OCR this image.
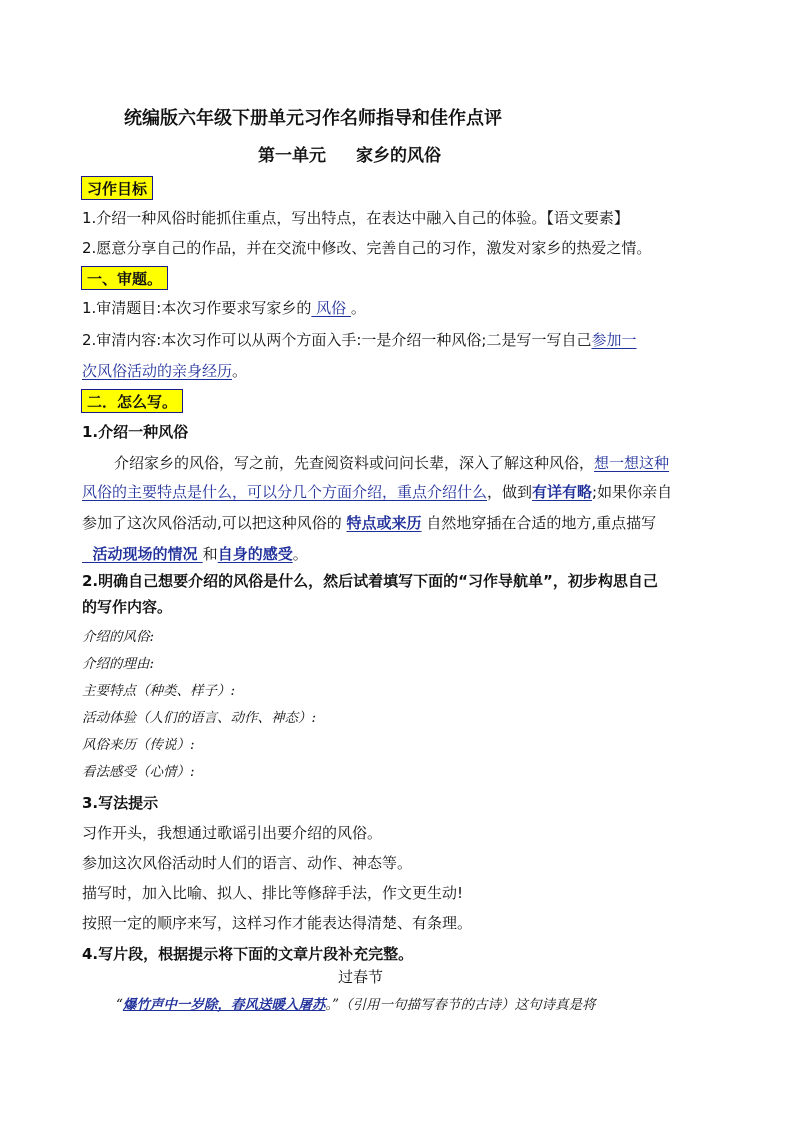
统编版六年级下册单元习作名师指导和佳作点评
第一单元 家乡的风俗
习作目标
1.介绍一种风俗时能抓住重点，写出特点，在表达中融入自己的体验。【语文要素】
2.愿意分享自己的作品，并在交流中修改、完善自己的习作，激发对家乡的热爱之情。
一、审题。
1.审清题目:本次习作要求写家乡的 风俗 。
2.审清内容:本次习作可以从两个方面入手:一是介绍一种风俗;二是写一写自己参加一
次风俗活动的亲身经历。
二．怎么写。
1.介绍一种风俗
介绍家乡的风俗，写之前，先查阅资料或问问长辈，深入了解这种风俗，想一想这种
风俗的主要特点是什么，可以分几个方面介绍，重点介绍什么，做到有详有略;如果你亲自
参加了这次风俗活动,可以把这种风俗的 特点或来历 自然地穿插在合适的地方,重点描写
活动现场的情况 和自身的感受。
2.明确自己想要介绍的风俗是什么，然后试着填写下面的“习作导航单”，初步构思自己
的写作内容。
介绍的风俗:
介绍的理由:
主要特点（种类、样子）:
活动体验（人们的语言、动作、神态）:
风俗来历（传说）:
看法感受（心情）:
3.写法提示
习作开头，我想通过歌谣引出要介绍的风俗。
参加这次风俗活动时人们的语言、动作、神态等。
描写时，加入比喻、拟人、排比等修辞手法，作文更生动!
按照一定的顺序来写，这样习作才能表达得清楚、有条理。
4.写片段，根据提示将下面的文章片段补充完整。
过春节
“爆竹声中一岁除，春风送暖入屠苏。”（引用一句描写春节的古诗）这句诗真是将
